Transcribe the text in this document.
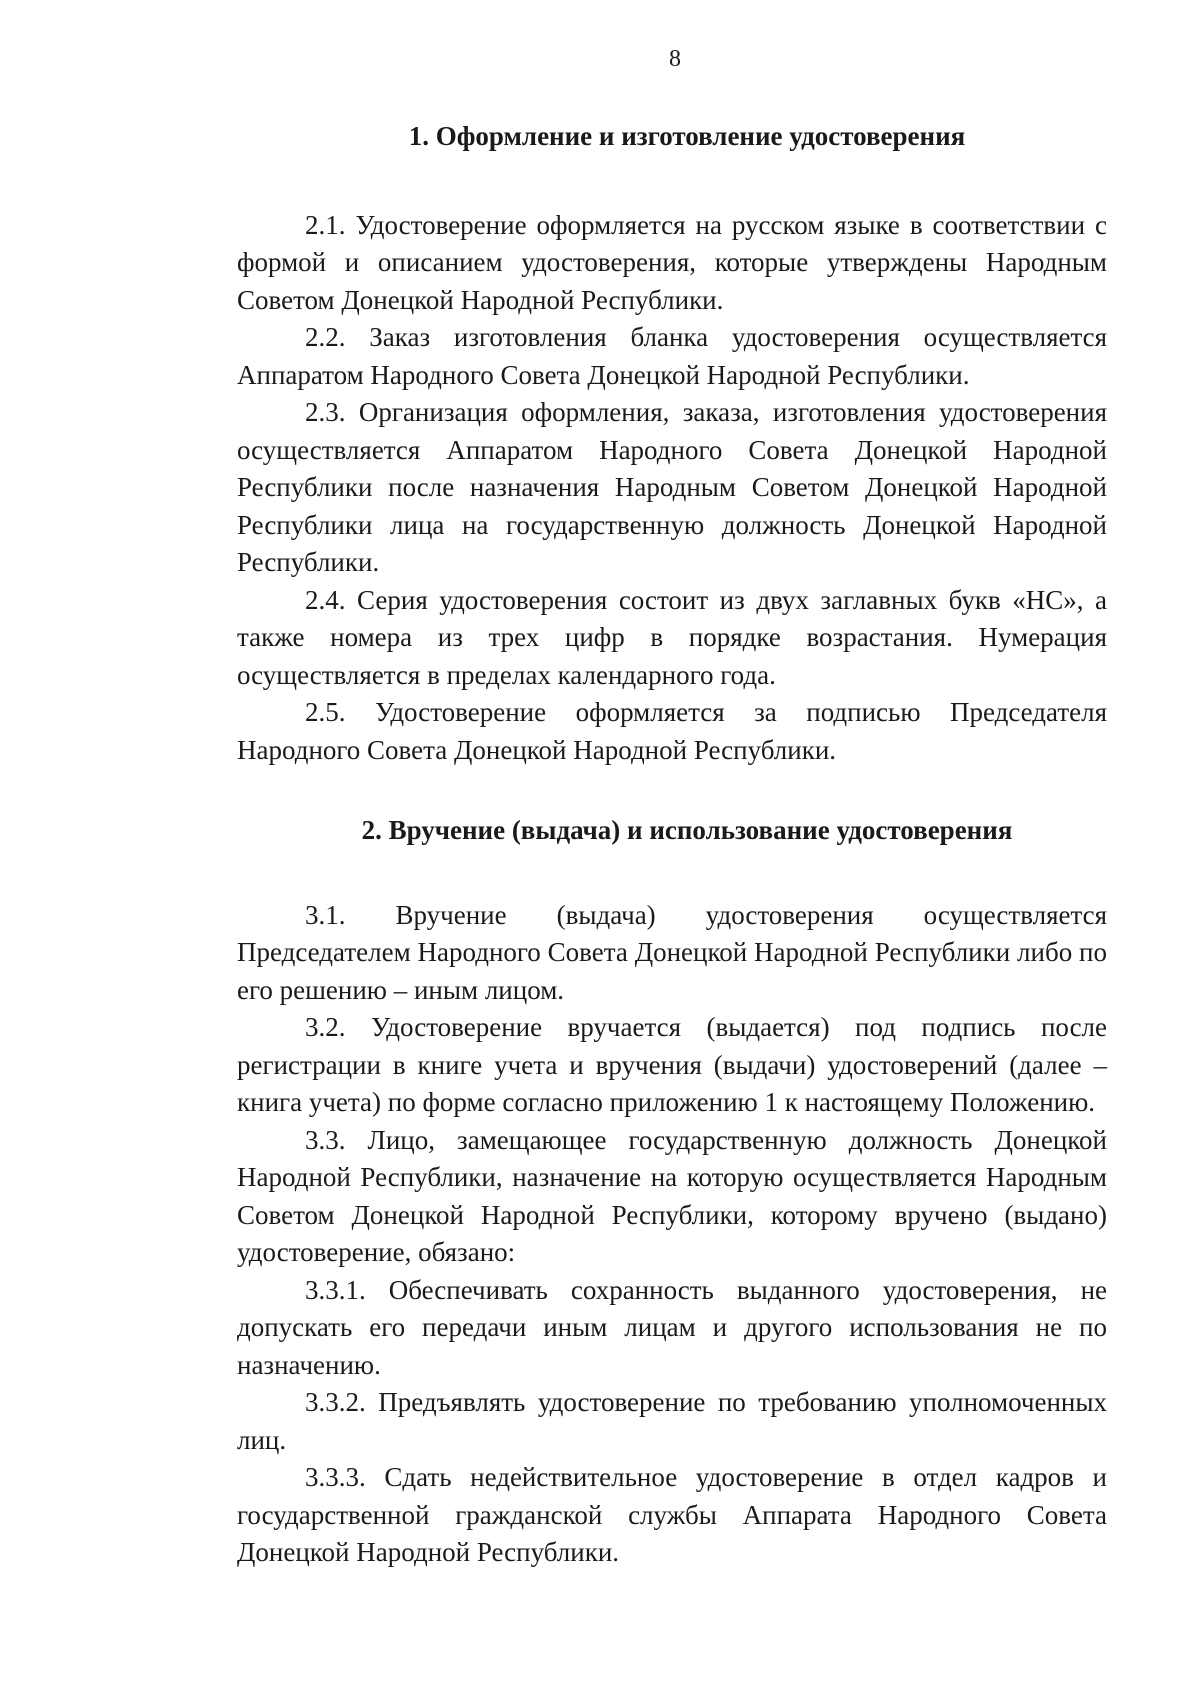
8

1. Оформление и изготовление удостоверения

2.1. Удостоверение оформляется на русском языке в соответствии с формой и описанием удостоверения, которые утверждены Народным Советом Донецкой Народной Республики.

2.2. Заказ изготовления бланка удостоверения осуществляется Аппаратом Народного Совета Донецкой Народной Республики.

2.3. Организация оформления, заказа, изготовления удостоверения осуществляется Аппаратом Народного Совета Донецкой Народной Республики после назначения Народным Советом Донецкой Народной Республики лица на государственную должность Донецкой Народной Республики.

2.4. Серия удостоверения состоит из двух заглавных букв «НС», а также номера из трех цифр в порядке возрастания. Нумерация осуществляется в пределах календарного года.

2.5. Удостоверение оформляется за подписью Председателя Народного Совета Донецкой Народной Республики.

2. Вручение (выдача) и использование удостоверения

3.1. Вручение (выдача) удостоверения осуществляется Председателем Народного Совета Донецкой Народной Республики либо по его решению – иным лицом.

3.2. Удостоверение вручается (выдается) под подпись после регистрации в книге учета и вручения (выдачи) удостоверений (далее – книга учета) по форме согласно приложению 1 к настоящему Положению.

3.3. Лицо, замещающее государственную должность Донецкой Народной Республики, назначение на которую осуществляется Народным Советом Донецкой Народной Республики, которому вручено (выдано) удостоверение, обязано:

3.3.1. Обеспечивать сохранность выданного удостоверения, не допускать его передачи иным лицам и другого использования не по назначению.

3.3.2. Предъявлять удостоверение по требованию уполномоченных лиц.

3.3.3. Сдать недействительное удостоверение в отдел кадров и государственной гражданской службы Аппарата Народного Совета Донецкой Народной Республики.
